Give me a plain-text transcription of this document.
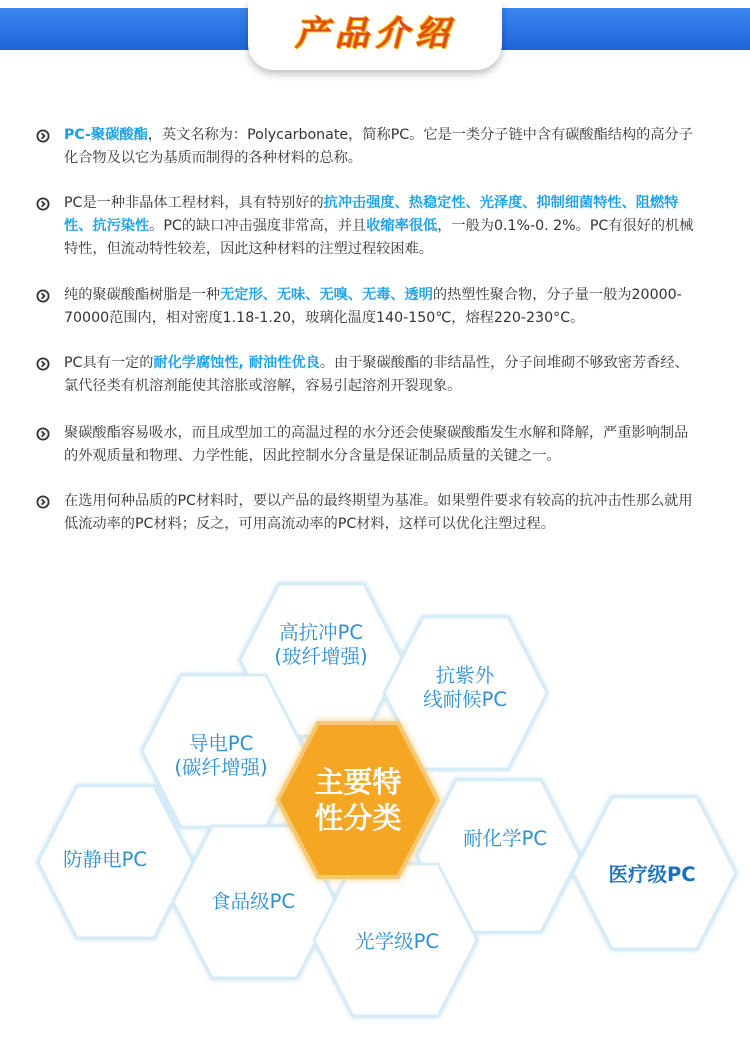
产品介绍
PC-聚碳酸酯，英文名称为：Polycarbonate，简称PC。它是一类分子链中含有碳酸酯结构的高分子化合物及以它为基质而制得的各种材料的总称。
PC是一种非晶体工程材料，具有特别好的抗冲击强度、热稳定性、光泽度、抑制细菌特性、阻燃特性、抗污染性。PC的缺口冲击强度非常高，并且收缩率很低，一般为0.1%-0. 2%。PC有很好的机械特性，但流动特性较差，因此这种材料的注塑过程较困难。
纯的聚碳酸酯树脂是一种无定形、无味、无嗅、无毒、透明的热塑性聚合物，分子量一般为20000-70000范围内，相对密度1.18-1.20，玻璃化温度140-150℃，熔程220-230°C。
PC具有一定的耐化学腐蚀性, 耐油性优良。由于聚碳酸酯的非结晶性，分子间堆砌不够致密芳香经、氯代径类有机溶剂能使其溶胀或溶解，容易引起溶剂开裂现象。
聚碳酸酯容易吸水，而且成型加工的高温过程的水分还会使聚碳酸酯发生水解和降解，严重影响制品的外观质量和物理、力学性能，因此控制水分含量是保证制品质量的关键之一。
在选用何种品质的PC材料时，要以产品的最终期望为基准。如果塑件要求有较高的抗冲击性那么就用低流动率的PC材料；反之，可用高流动率的PC材料，这样可以优化注塑过程。
主要特
性分类
高抗冲PC
(玻纤增强)
抗紫外
线耐候PC
导电PC
(碳纤增强)
防静电PC
耐化学PC
医疗级PC
食品级PC
光学级PC
